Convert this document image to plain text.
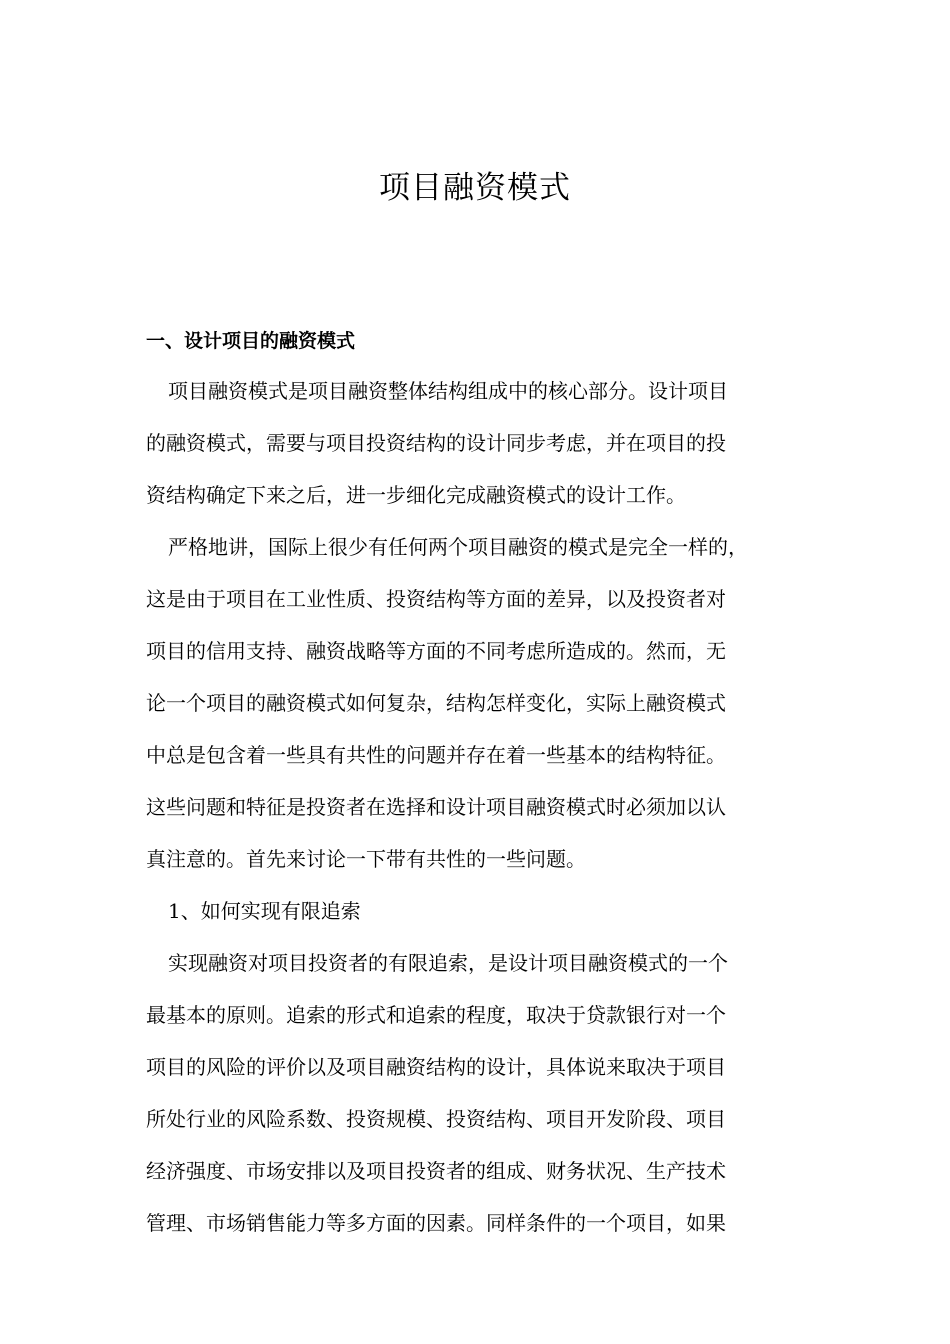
项目融资模式
一、设计项目的融资模式
项目融资模式是项目融资整体结构组成中的核心部分。设计项目
的融资模式，需要与项目投资结构的设计同步考虑，并在项目的投
资结构确定下来之后，进一步细化完成融资模式的设计工作。
严格地讲，国际上很少有任何两个项目融资的模式是完全一样的，
这是由于项目在工业性质、投资结构等方面的差异，以及投资者对
项目的信用支持、融资战略等方面的不同考虑所造成的。然而，无
论一个项目的融资模式如何复杂，结构怎样变化，实际上融资模式
中总是包含着一些具有共性的问题并存在着一些基本的结构特征。
这些问题和特征是投资者在选择和设计项目融资模式时必须加以认
真注意的。首先来讨论一下带有共性的一些问题。
1、如何实现有限追索
实现融资对项目投资者的有限追索，是设计项目融资模式的一个
最基本的原则。追索的形式和追索的程度，取决于贷款银行对一个
项目的风险的评价以及项目融资结构的设计，具体说来取决于项目
所处行业的风险系数、投资规模、投资结构、项目开发阶段、项目
经济强度、市场安排以及项目投资者的组成、财务状况、生产技术
管理、市场销售能力等多方面的因素。同样条件的一个项目，如果
